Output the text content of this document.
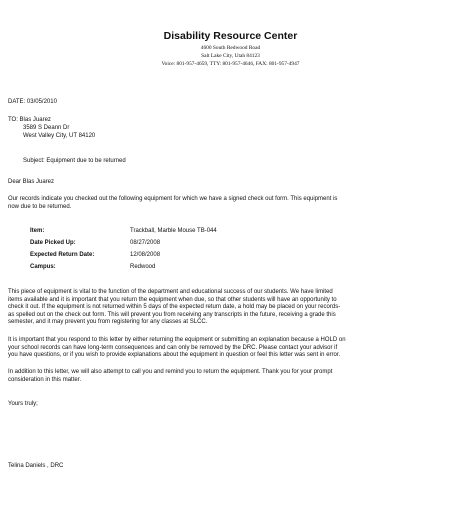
Disability Resource Center
4600 South Redwood Road
Salt Lake City, Utah 84123
Voice: 801-957-4659, TTY: 801-957-4646, FAX: 801-957-4947
DATE: 03/05/2010
TO: Blas Juarez
3589 S Deann Dr
West Valley City, UT 84120
Subject: Equipment due to be returned
Dear Blas Juarez
Our records indicate you checked out the following equipment for which we have a signed check out form. This equipment is
now due to be returned.
Item:	Trackball, Marble Mouse TB-044
Date Picked Up:	08/27/2008
Expected Return Date:	12/08/2008
Campus:	Redwood
This piece of equipment is vital to the function of the department and educational success of our students. We have limited
items available and it is important that you return the equipment when due, so that other students will have an opportunity to
check it out. If the equipment is not returned within 5 days of the expected return date, a hold may be placed on your records-
as spelled out on the check out form. This will prevent you from receiving any transcripts in the future, receiving a grade this
semester, and it may prevent you from registering for any classes at SLCC.
It is important that you respond to this letter by either returning the equipment or submitting an explanation because a HOLD on
your school records can have long-term consequences and can only be removed by the DRC. Please contact your advisor if
you have questions, or if you wish to provide explanations about the equipment in question or feel this letter was sent in error.
In addition to this letter, we will also attempt to call you and remind you to return the equipment. Thank you for your prompt
consideration in this matter.
Yours truly;
Telina Daniels , DRC
